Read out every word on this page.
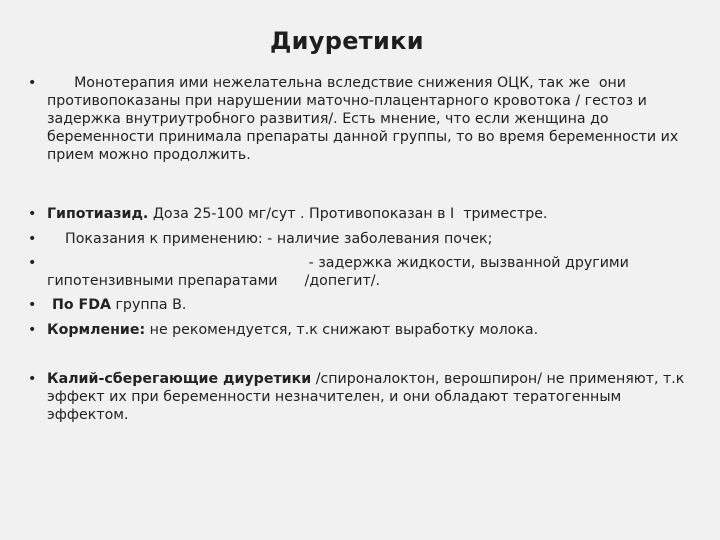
Диуретики
• Монотерапия ими нежелательна вследствие снижения ОЦК, так же  они противопоказаны при нарушении маточно-плацентарного кровотока / гестоз и задержка внутриутробного развития/. Есть мнение, что если женщина до беременности принимала препараты данной группы, то во время беременности их прием можно продолжить.
• Гипотиазид. Доза 25-100 мг/сут . Противопоказан в I  триместре.
• Показания к применению: - наличие заболевания почек;
• - задержка жидкости, вызванной другими гипотензивными препаратами      /допегит/.
• По FDA группа В.
• Кормление: не рекомендуется, т.к снижают выработку молока.
• Калий-сберегающие диуретики /спироналоктон, верошпирон/ не применяют, т.к эффект их при беременности незначителен, и они обладают тератогенным эффектом.
